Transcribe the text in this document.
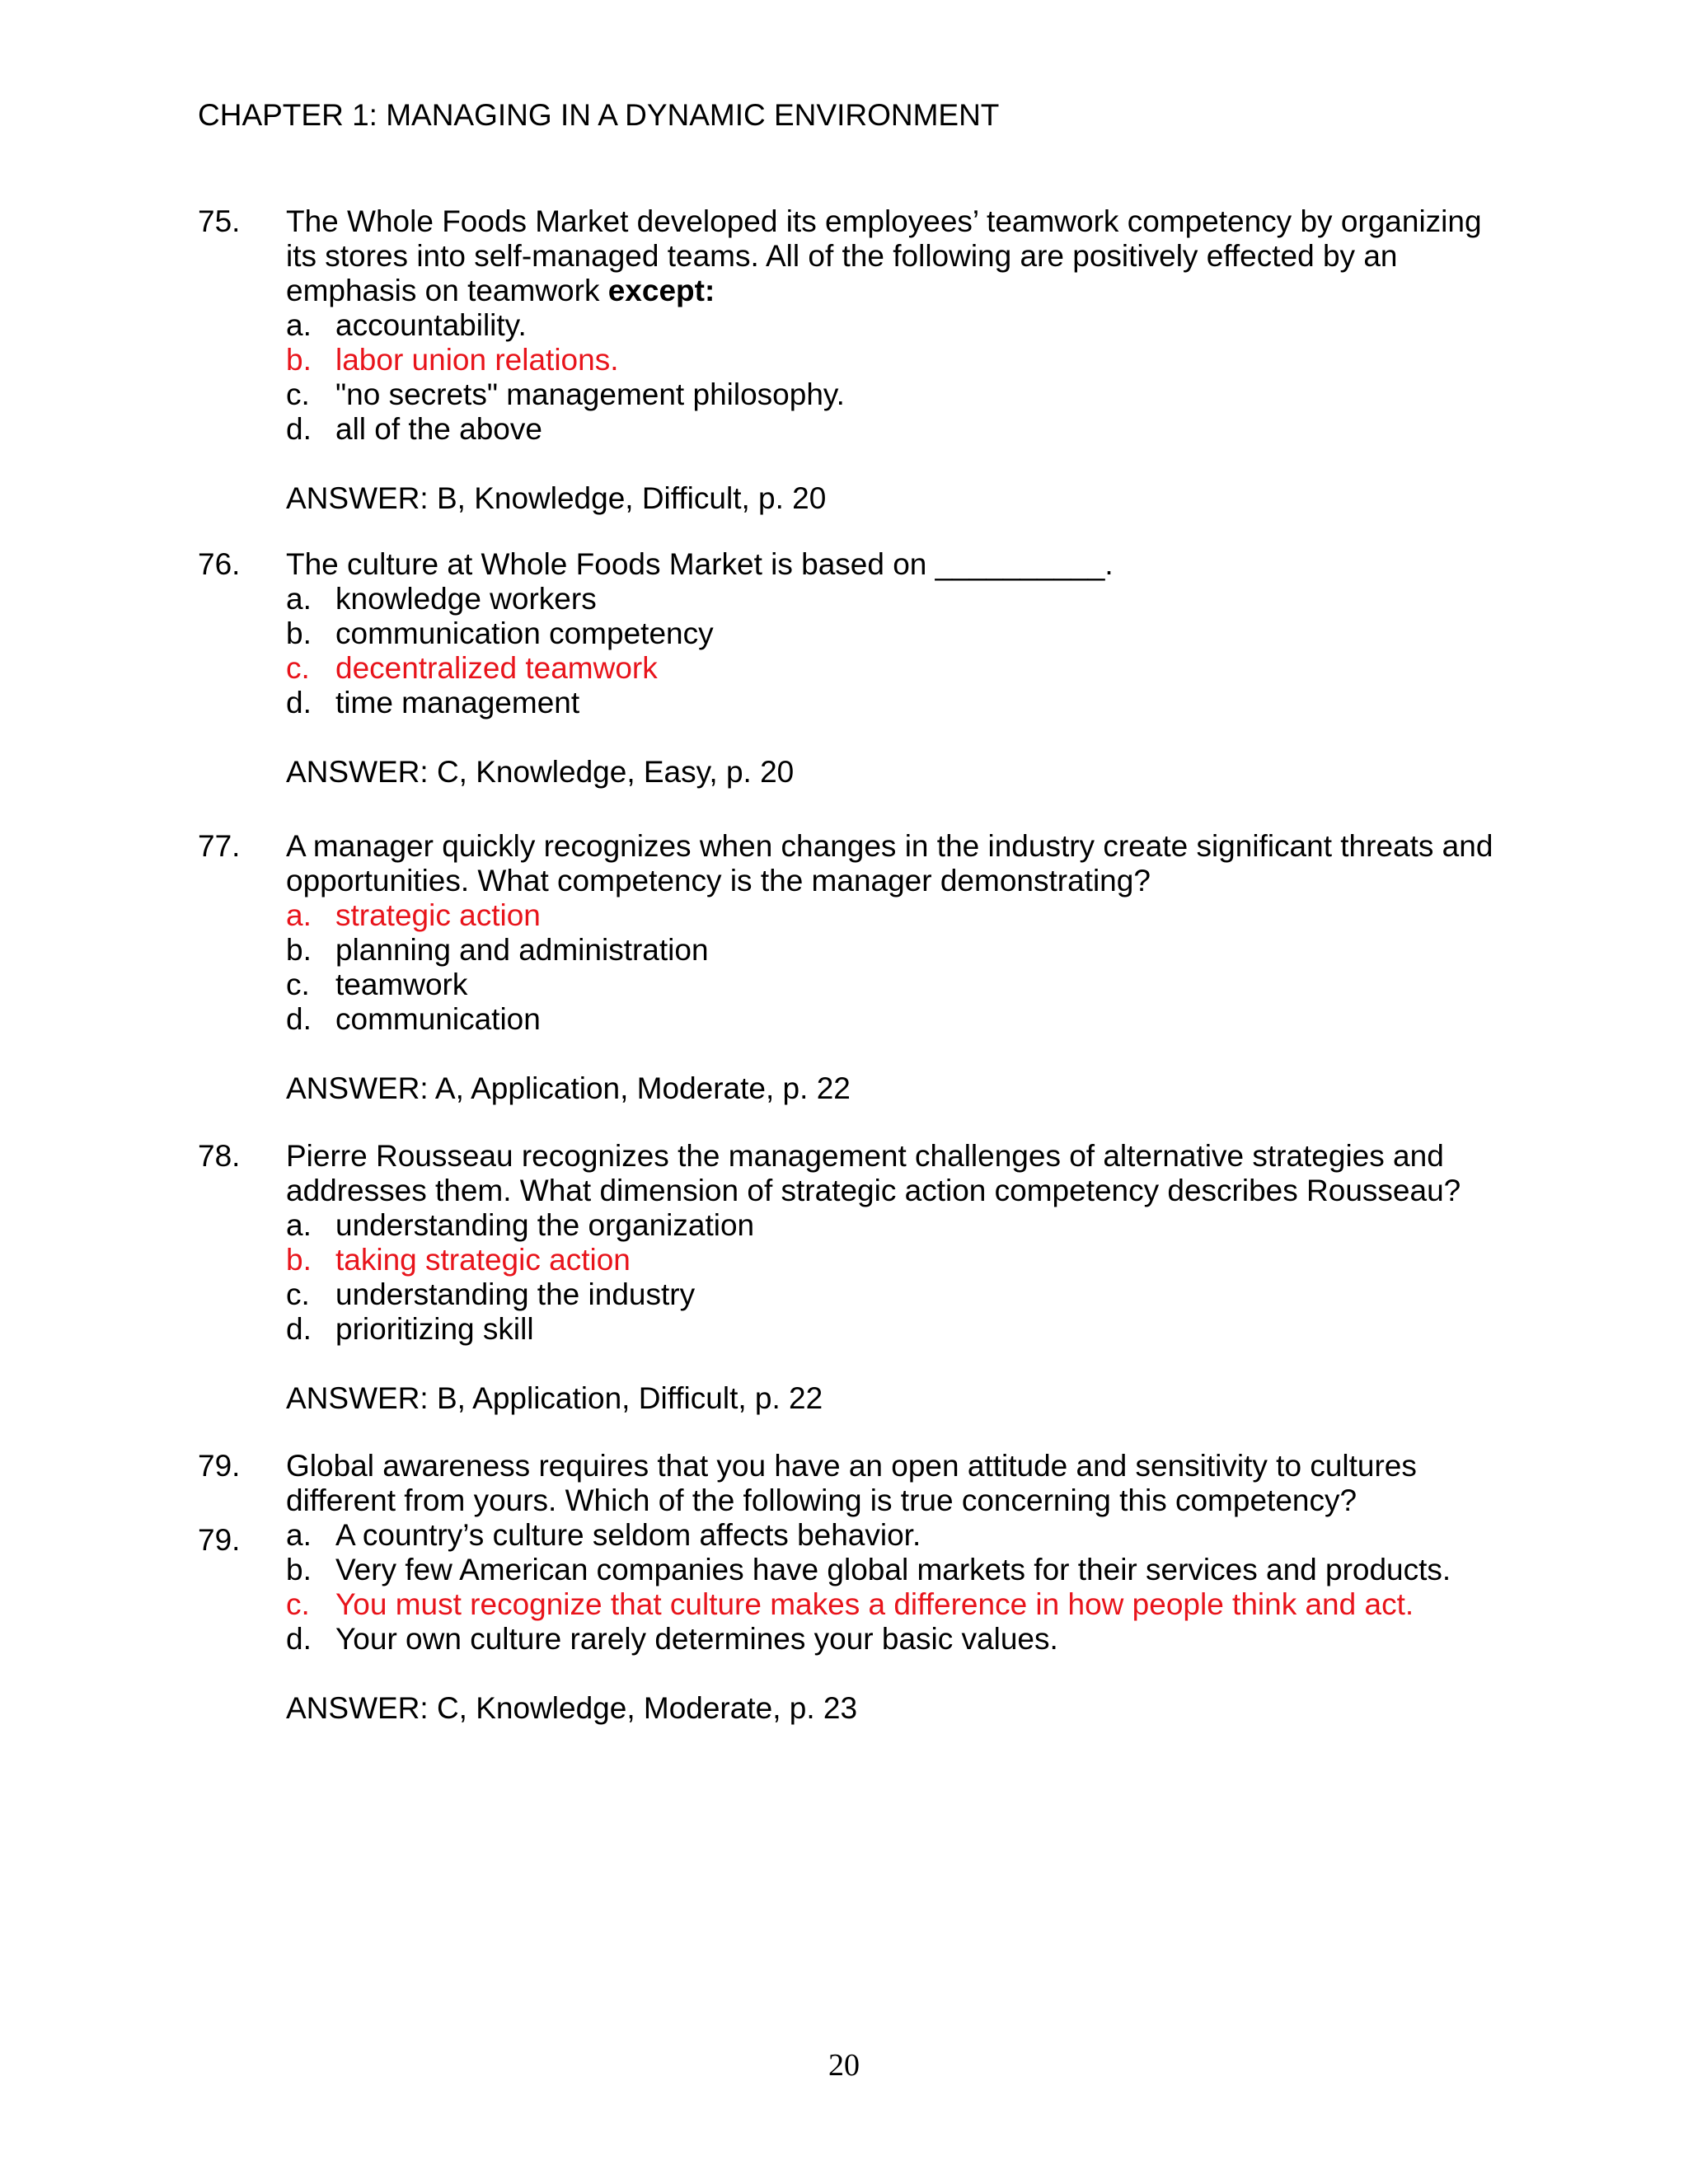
CHAPTER 1: MANAGING IN A DYNAMIC ENVIRONMENT
75. The Whole Foods Market developed its employees’ teamwork competency by organizing its stores into self-managed teams. All of the following are positively effected by an emphasis on teamwork except:
a. accountability.
b. labor union relations.
c. "no secrets" management philosophy.
d. all of the above
ANSWER: B, Knowledge, Difficult, p. 20
76. The culture at Whole Foods Market is based on __________.
a. knowledge workers
b. communication competency
c. decentralized teamwork
d. time management
ANSWER: C, Knowledge, Easy, p. 20
77. A manager quickly recognizes when changes in the industry create significant threats and opportunities. What competency is the manager demonstrating?
a. strategic action
b. planning and administration
c. teamwork
d. communication
ANSWER: A, Application, Moderate, p. 22
78. Pierre Rousseau recognizes the management challenges of alternative strategies and addresses them. What dimension of strategic action competency describes Rousseau?
a. understanding the organization
b. taking strategic action
c. understanding the industry
d. prioritizing skill
ANSWER: B, Application, Difficult, p. 22
79. Global awareness requires that you have an open attitude and sensitivity to cultures different from yours. Which of the following is true concerning this competency?
a. A country’s culture seldom affects behavior.
b. Very few American companies have global markets for their services and products.
c. You must recognize that culture makes a difference in how people think and act.
d. Your own culture rarely determines your basic values.
ANSWER: C, Knowledge, Moderate, p. 23
79.
20
